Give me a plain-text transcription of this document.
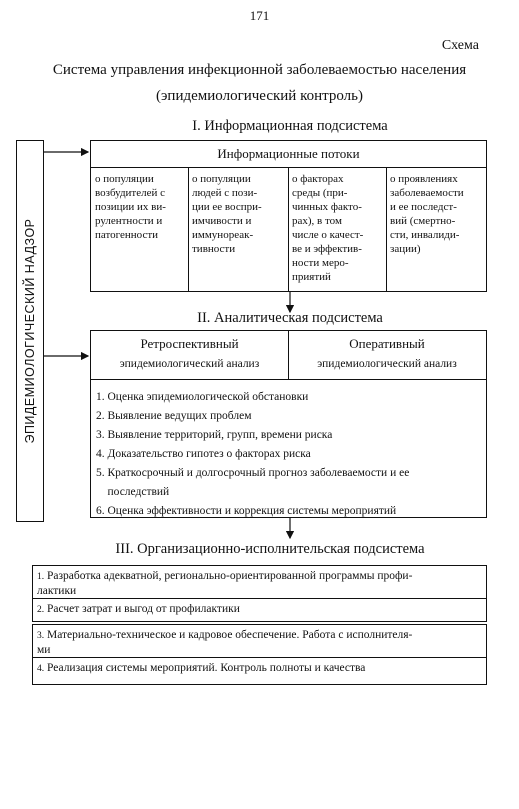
171
Схема
Система управления инфекционной заболеваемостью населения
(эпидемиологический контроль)
ЭПИДЕМИОЛОГИЧЕСКИЙ НАДЗОР
I. Информационная подсистема
Информационные потоки
о популяции
возбудителей с
позиции их ви-
рулентности и
патогенности
о популяции
людей с пози-
ции ее воспри-
имчивости и
иммунореак-
тивности
о факторах
среды (при-
чинных факто-
рах), в том
числе о качест-
ве и эффектив-
ности меро-
приятий
о проявлениях
заболеваемости
и ее последст-
вий (смертно-
сти, инвалиди-
зации)
II. Аналитическая подсистема
Ретроспективный
эпидемиологический анализ
Оперативный
эпидемиологический анализ
1. Оценка эпидемиологической обстановки
2. Выявление ведущих проблем
3. Выявление территорий, групп, времени риска
4. Доказательство гипотез о факторах риска
5. Краткосрочный и долгосрочный прогноз заболеваемости и ее
последствий
6. Оценка эффективности и коррекция системы мероприятий
III. Организационно-исполнительская подсистема
1. Разработка адекватной, регионально-ориентированной программы профи-
лактики
2. Расчет затрат и выгод от профилактики
3. Материально-техническое и кадровое обеспечение. Работа с исполнителя-
ми
4. Реализация системы мероприятий. Контроль полноты и качества
